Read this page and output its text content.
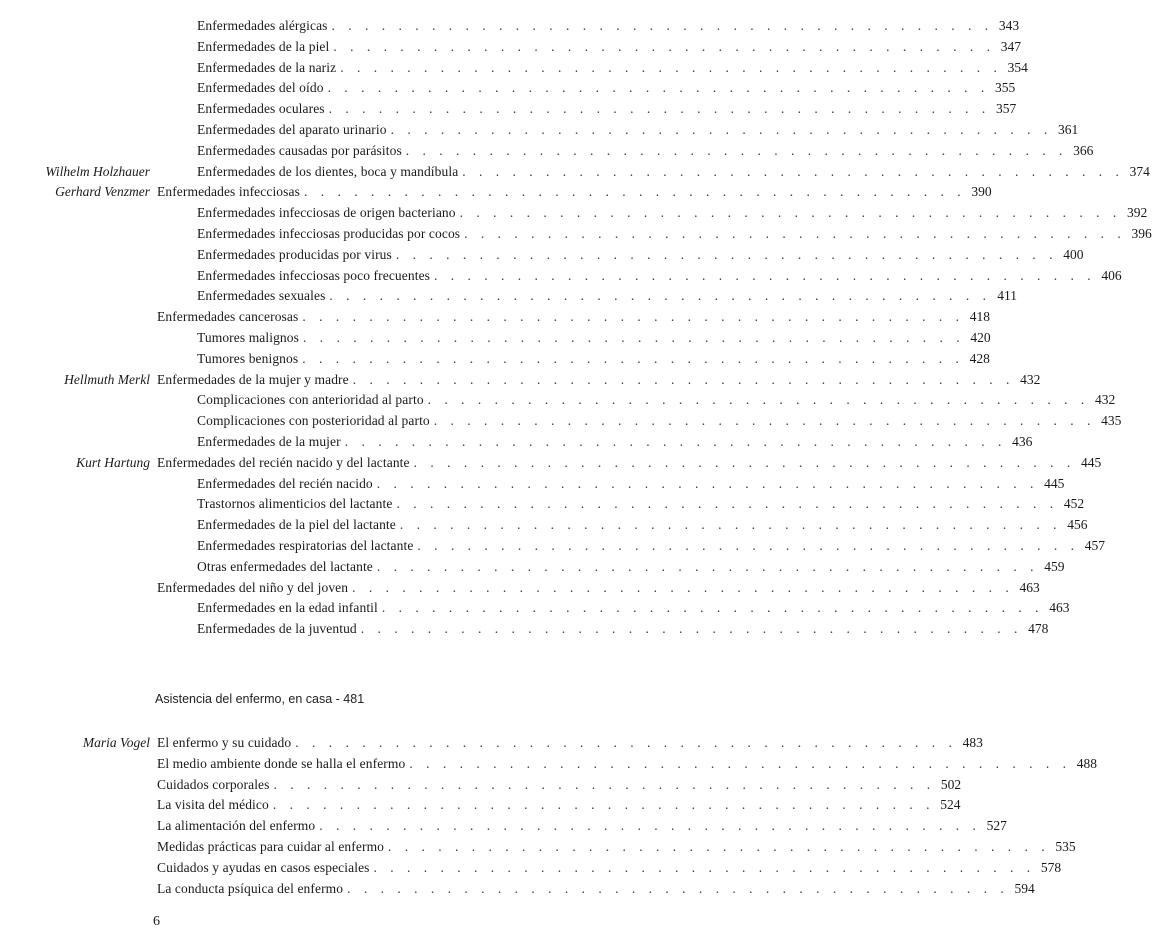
Enfermedades alérgicas . . . . . . . . . . . . . . . . . . . . . . . . . . . . . . . . . . . . . . . . 343
Enfermedades de la piel . . . . . . . . . . . . . . . . . . . . . . . . . . . . . . . . . . . . . . . . 347
Enfermedades de la nariz . . . . . . . . . . . . . . . . . . . . . . . . . . . . . . . . . . . . . . . . 354
Enfermedades del oído . . . . . . . . . . . . . . . . . . . . . . . . . . . . . . . . . . . . . . . . 355
Enfermedades oculares . . . . . . . . . . . . . . . . . . . . . . . . . . . . . . . . . . . . . . . . 357
Enfermedades del aparato urinario . . . . . . . . . . . . . . . . . . . . . . . . . . . . . . . . . . . . . . . . 361
Enfermedades causadas por parásitos . . . . . . . . . . . . . . . . . . . . . . . . . . . . . . . . . . . . . . . . 366
Wilhelm Holzhauer	Enfermedades de los dientes, boca y mandíbula . . . . . . . . . . . . . . . . . . . . . . . . . . . . . . . . . . . . . . . . 374
Gerhard Venzmer Enfermedades infecciosas . . . . . . . . . . . . . . . . . . . . . . . . . . . . . . . . . . . . . . . . 390
Enfermedades infecciosas de origen bacteriano . . . . . . . . . . . . . . . . . . . . . . . . . . . . . . . . . . . . . . . . 392
Enfermedades infecciosas producidas por cocos . . . . . . . . . . . . . . . . . . . . . . . . . . . . . . . . . . . . . . . . 396
Enfermedades producidas por virus . . . . . . . . . . . . . . . . . . . . . . . . . . . . . . . . . . . . . . . . 400
Enfermedades infecciosas poco frecuentes . . . . . . . . . . . . . . . . . . . . . . . . . . . . . . . . . . . . . . . . 406
Enfermedades sexuales . . . . . . . . . . . . . . . . . . . . . . . . . . . . . . . . . . . . . . . . 411
Enfermedades cancerosas . . . . . . . . . . . . . . . . . . . . . . . . . . . . . . . . . . . . . . . . 418
Tumores malignos . . . . . . . . . . . . . . . . . . . . . . . . . . . . . . . . . . . . . . . . 420
Tumores benignos . . . . . . . . . . . . . . . . . . . . . . . . . . . . . . . . . . . . . . . . 428
Hellmuth Merkl Enfermedades de la mujer y madre . . . . . . . . . . . . . . . . . . . . . . . . . . . . . . . . . . . . . . . . 432
Complicaciones con anterioridad al parto . . . . . . . . . . . . . . . . . . . . . . . . . . . . . . . . . . . . . . . . 432
Complicaciones con posterioridad al parto . . . . . . . . . . . . . . . . . . . . . . . . . . . . . . . . . . . . . . . . 435
Enfermedades de la mujer . . . . . . . . . . . . . . . . . . . . . . . . . . . . . . . . . . . . . . . . 436
Kurt Hartung Enfermedades del recién nacido y del lactante . . . . . . . . . . . . . . . . . . . . . . . . . . . . . . . . . . . . . . . . 445
Enfermedades del recién nacido . . . . . . . . . . . . . . . . . . . . . . . . . . . . . . . . . . . . . . . . 445
Trastornos alimenticios del lactante . . . . . . . . . . . . . . . . . . . . . . . . . . . . . . . . . . . . . . . . 452
Enfermedades de la piel del lactante . . . . . . . . . . . . . . . . . . . . . . . . . . . . . . . . . . . . . . . . 456
Enfermedades respiratorias del lactante . . . . . . . . . . . . . . . . . . . . . . . . . . . . . . . . . . . . . . . . 457
Otras enfermedades del lactante . . . . . . . . . . . . . . . . . . . . . . . . . . . . . . . . . . . . . . . . 459
Enfermedades del niño y del joven . . . . . . . . . . . . . . . . . . . . . . . . . . . . . . . . . . . . . . . . 463
Enfermedades en la edad infantil . . . . . . . . . . . . . . . . . . . . . . . . . . . . . . . . . . . . . . . . 463
Enfermedades de la juventud . . . . . . . . . . . . . . . . . . . . . . . . . . . . . . . . . . . . . . . . 478
Asistencia del enfermo, en casa - 481
Maria Vogel El enfermo y su cuidado . . . . . . . . . . . . . . . . . . . . . . . . . . . . . . . . . . . . . . . . 483
El medio ambiente donde se halla el enfermo . . . . . . . . . . . . . . . . . . . . . . . . . . . . . . . . . . . . . . . . 488
Cuidados corporales . . . . . . . . . . . . . . . . . . . . . . . . . . . . . . . . . . . . . . . . 502
La visita del médico . . . . . . . . . . . . . . . . . . . . . . . . . . . . . . . . . . . . . . . . 524
La alimentación del enfermo . . . . . . . . . . . . . . . . . . . . . . . . . . . . . . . . . . . . . . . . 527
Medidas prácticas para cuidar al enfermo . . . . . . . . . . . . . . . . . . . . . . . . . . . . . . . . . . . . . . . . 535
Cuidados y ayudas en casos especiales . . . . . . . . . . . . . . . . . . . . . . . . . . . . . . . . . . . . . . . . 578
La conducta psíquica del enfermo . . . . . . . . . . . . . . . . . . . . . . . . . . . . . . . . . . . . . . . . 594
6
